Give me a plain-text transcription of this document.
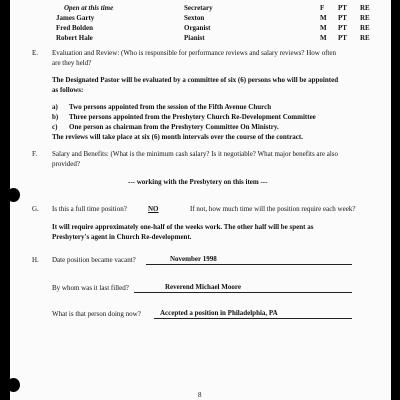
Open at this time	Secretary	F PT RE
James Garty	Sexton	M PT RE
Fred Bolden	Organist	M PT RE
Robert Hale	Pianist	M PT RE
E. Evaluation and Review: (Who is responsible for performance reviews and salary reviews? How often
are they held?
The Designated Pastor will be evaluated by a committee of six (6) persons who will be appointed
as follows:
a) Two persons appointed from the session of the Fifth Avenue Church
b) Three persons appointed from the Preshytery Church Re-Development Committee
c) One person as chairman from the Preshytery Committee On Ministry.
The reviews will take place at six (6) month intervals over the course of the contract.
F. Salary and Benefits: (What is the minimum cash salary? Is it negotiable? What major benefits are also
provided?
--- working with the Presbytery on this item ---
G. Is this a full time position?	NO	If not, how much time will the position require each week?
It will require approximately one-half of the weeks work. The other half will be spent as
Preshytery's agent in Church Re-development.
H. Date position became vacant?	November 1998
By whom was it last filled?	Reverend Michael Moore
What is that person doing now?	Accepted a position in Philadelphia, PA
8
